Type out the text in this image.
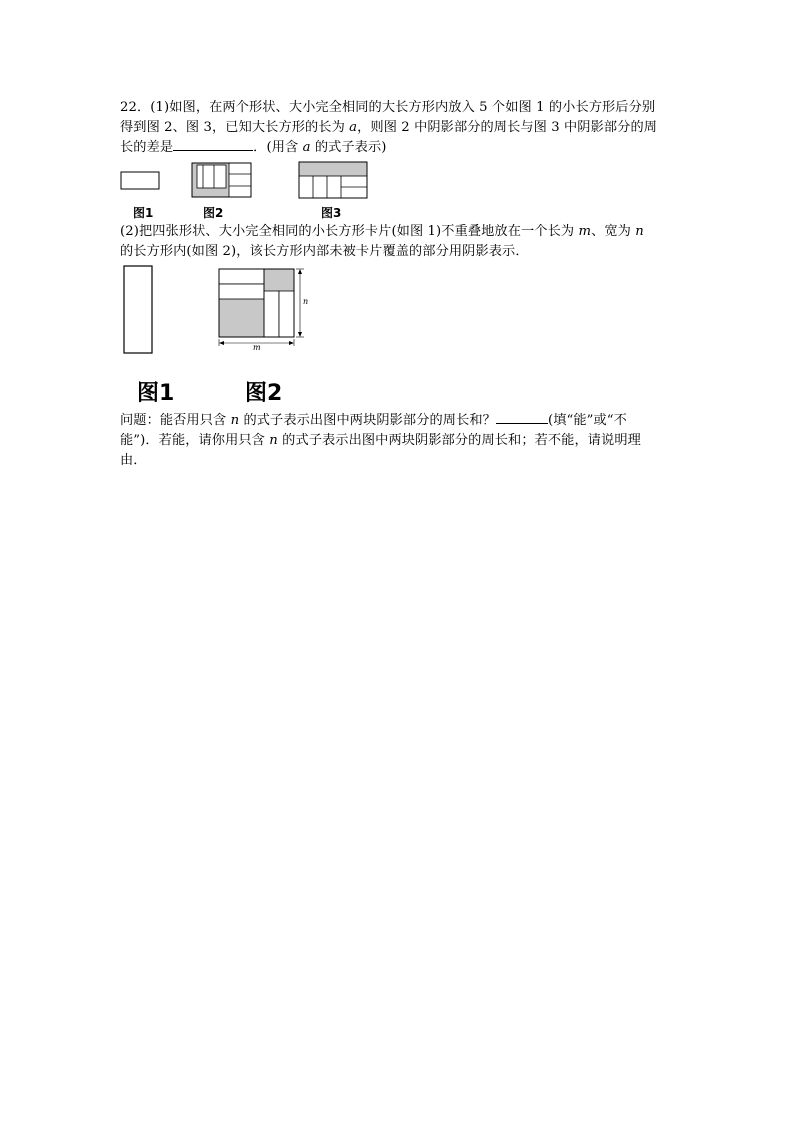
22．(1)如图，在两个形状、大小完全相同的大长方形内放入 5 个如图 1 的小长方形后分别
得到图 2、图 3，已知大长方形的长为 a，则图 2 中阴影部分的周长与图 3 中阴影部分的周
长的差是	．(用含 a 的式子表示)
图1	图2	图3
(2)把四张形状、大小完全相同的小长方形卡片(如图 1)不重叠地放在一个长为 m、宽为 n
的长方形内(如图 2)，该长方形内部未被卡片覆盖的部分用阴影表示．
n
m
图1	图2
问题：能否用只含 n 的式子表示出图中两块阴影部分的周长和？	(填“能”或“不
能”)．若能，请你用只含 n 的式子表示出图中两块阴影部分的周长和；若不能，请说明理
由．
